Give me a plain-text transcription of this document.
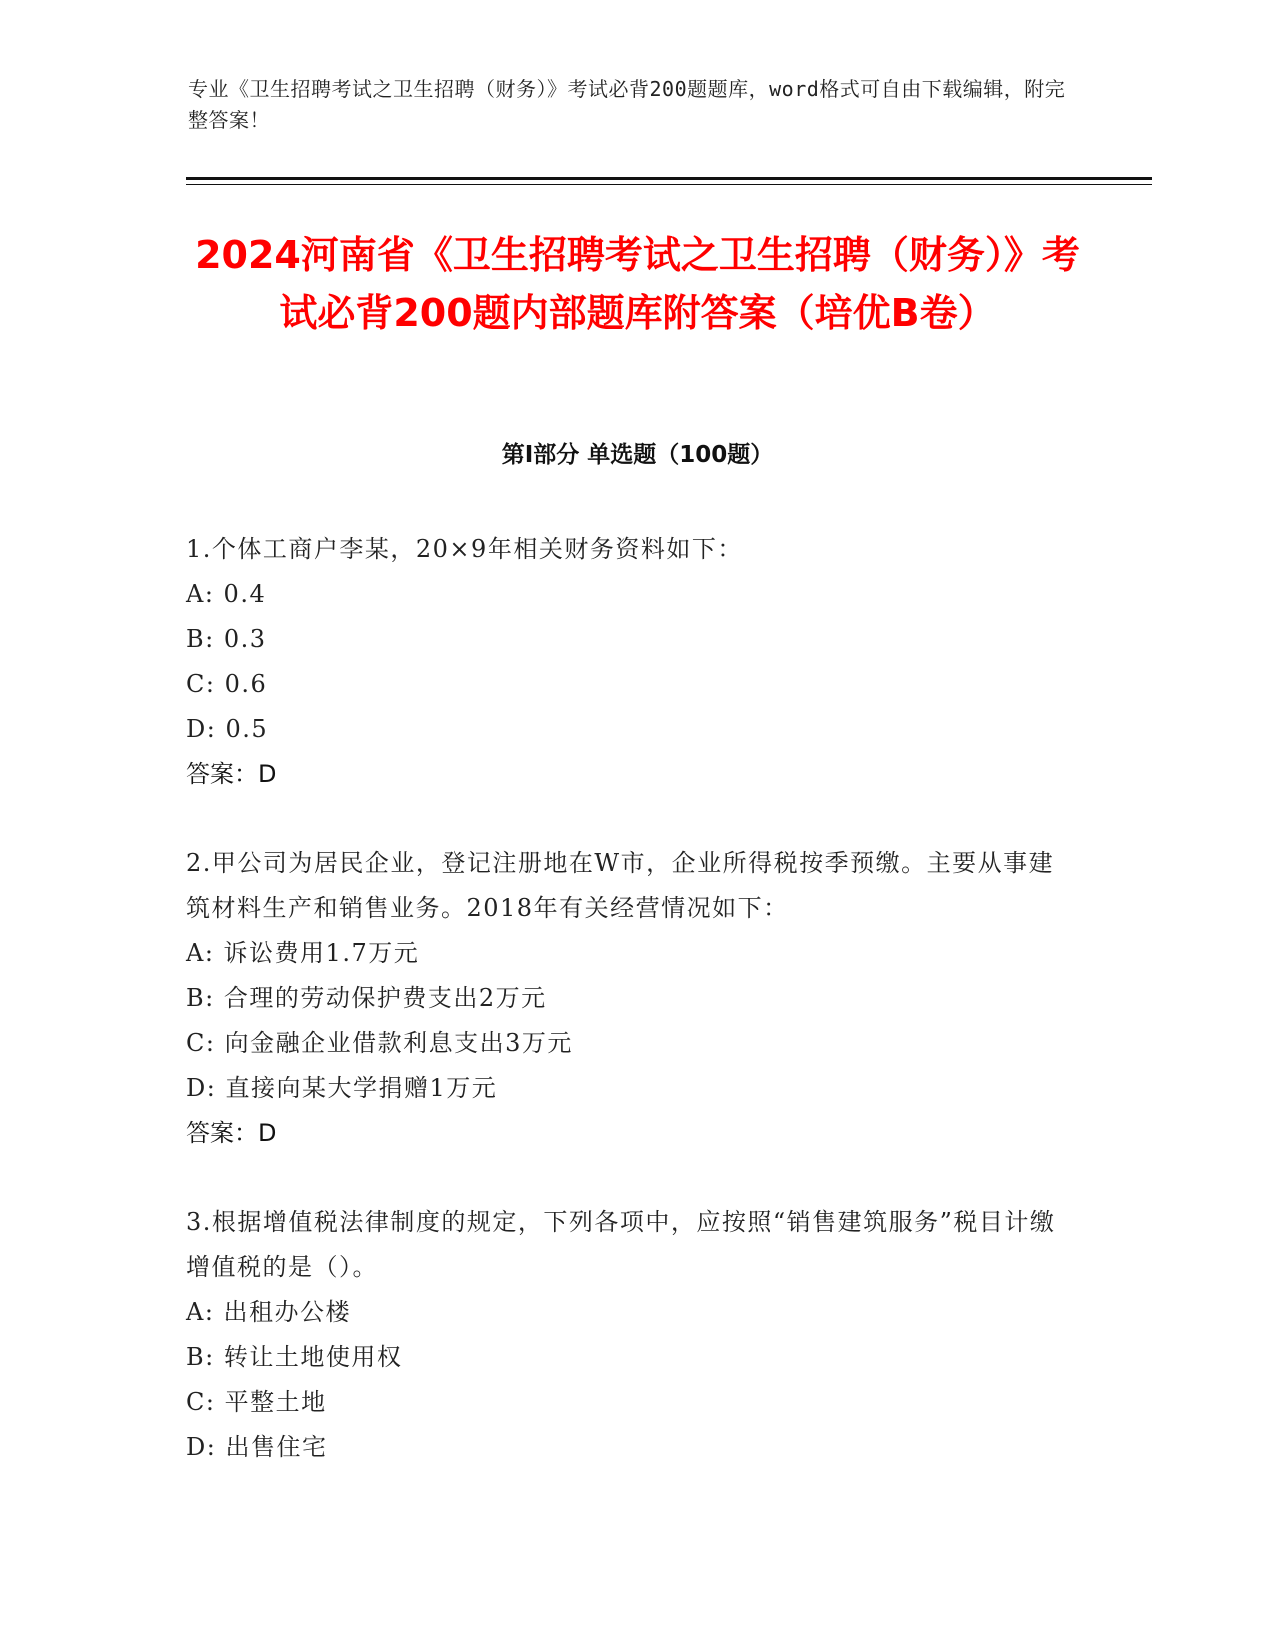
专业《卫生招聘考试之卫生招聘（财务）》考试必背200题题库，word格式可自由下载编辑，附完整答案！
2024河南省《卫生招聘考试之卫生招聘（财务）》考试必背200题内部题库附答案（培优B卷）
第I部分 单选题（100题）

1.个体工商户李某，20×9年相关财务资料如下：

A: 0.4

B: 0.3

C: 0.6

D: 0.5

答案：D

2.甲公司为居民企业，登记注册地在W市，企业所得税按季预缴。主要从事建筑材料生产和销售业务。2018年有关经营情况如下：

A: 诉讼费用1.7万元

B: 合理的劳动保护费支出2万元

C: 向金融企业借款利息支出3万元

D: 直接向某大学捐赠1万元

答案：D

3.根据增值税法律制度的规定，下列各项中，应按照“销售建筑服务”税目计缴增值税的是（）。

A: 出租办公楼

B: 转让土地使用权

C: 平整土地

D: 出售住宅
